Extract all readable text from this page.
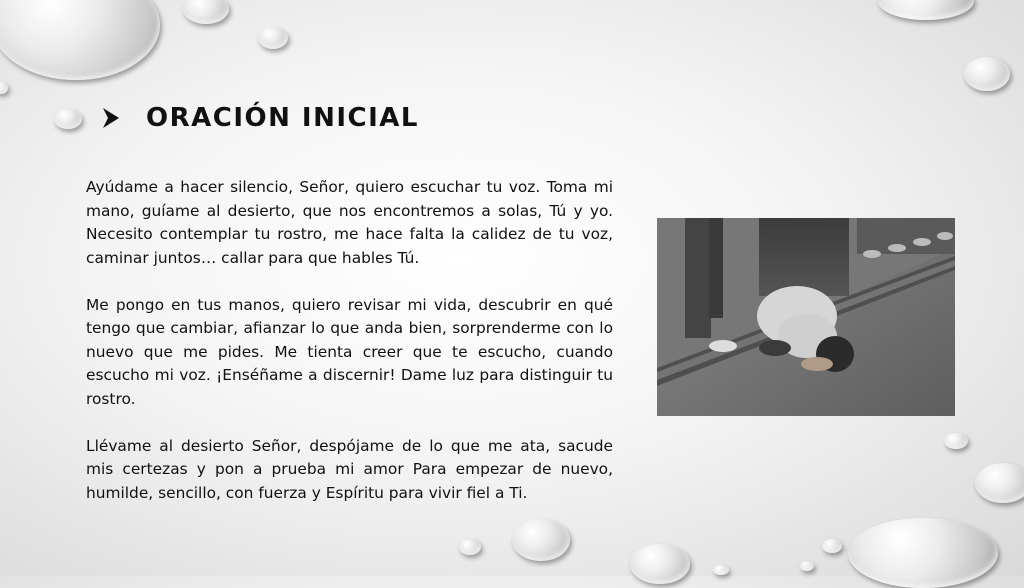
ORACIÓN INICIAL

Ayúdame a hacer silencio, Señor, quiero escuchar tu voz. Toma mi mano, guíame al desierto, que nos encontremos a solas, Tú y yo. Necesito contemplar tu rostro, me hace falta la calidez de tu voz, caminar juntos… callar para que hables Tú.

Me pongo en tus manos, quiero revisar mi vida, descubrir en qué tengo que cambiar, afianzar lo que anda bien, sorprenderme con lo nuevo que me pides. Me tienta creer que te escucho, cuando escucho mi voz. ¡Enséñame a discernir! Dame luz para distinguir tu rostro.

Llévame al desierto Señor, despójame de lo que me ata, sacude mis certezas y pon a prueba mi amor Para empezar de nuevo, humilde, sencillo, con fuerza y Espíritu para vivir fiel a Ti.
